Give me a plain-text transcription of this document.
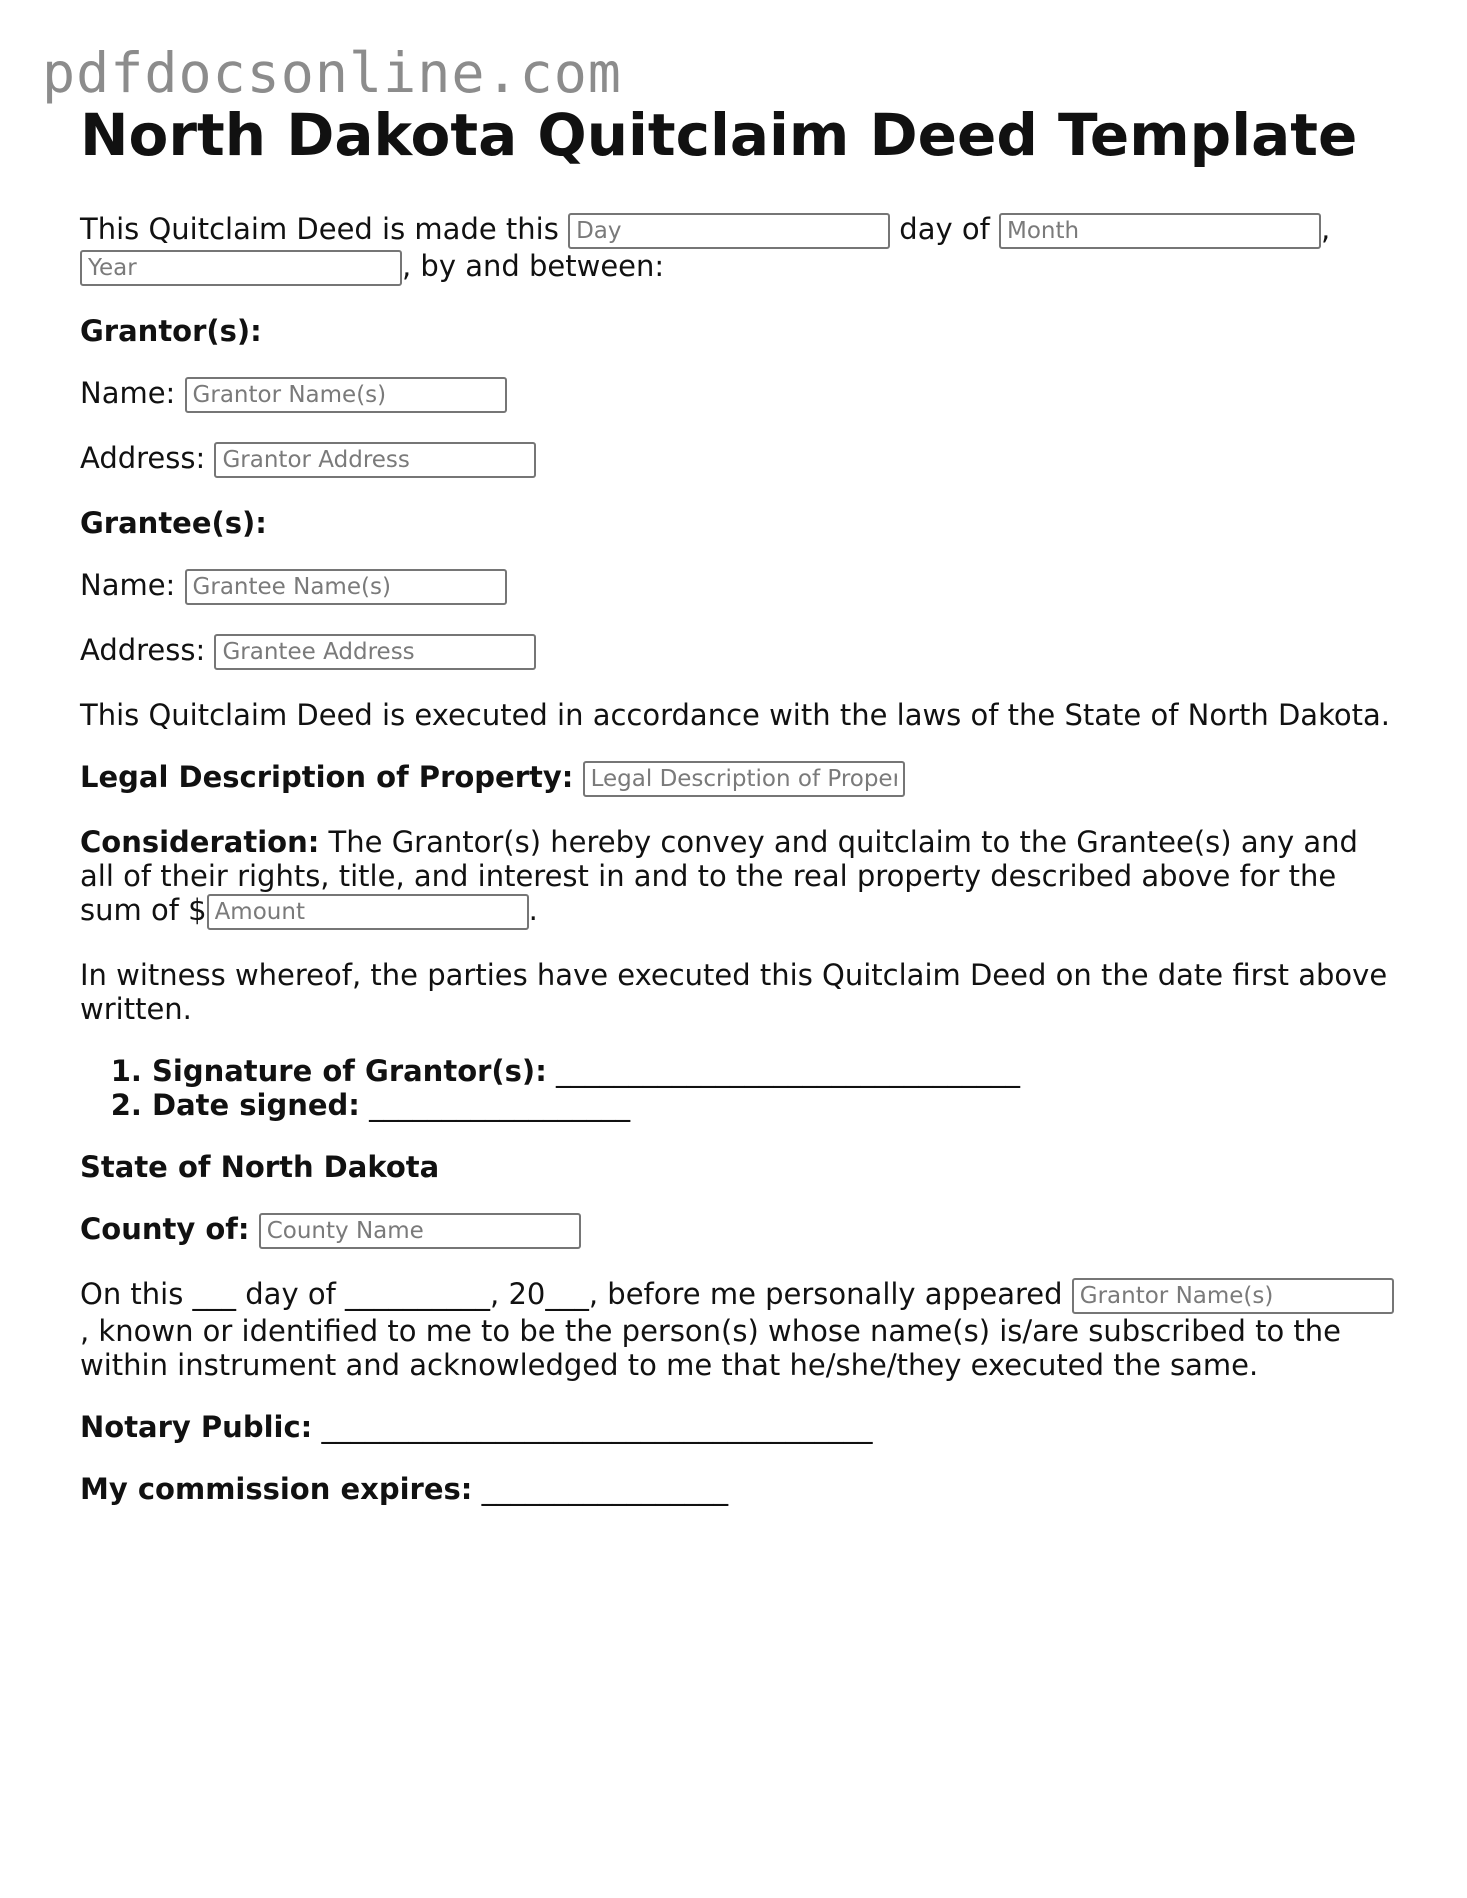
pdfdocsonline.com
North Dakota Quitclaim Deed Template

This Quitclaim Deed is made this Day	day of Month	, Year, by and between:

Grantor(s):

Name: Grantor Name(s)

Address: Grantor Address

Grantee(s):

Name: Grantee Name(s)

Address: Grantee Address

This Quitclaim Deed is executed in accordance with the laws of the State of North Dakota.

Legal Description of Property: Legal Description of Property

Consideration: The Grantor(s) hereby convey and quitclaim to the Grantee(s) any and all of their rights, title, and interest in and to the real property described above for the sum of $Amount	.

In witness whereof, the parties have executed this Quitclaim Deed on the date first above written.

1. Signature of Grantor(s): ________________________________
2. Date signed: __________________

State of North Dakota

County of: County Name

On this ___ day of __________, 20___, before me personally appeared Grantor Name(s), known or identified to me to be the person(s) whose name(s) is/are subscribed to the within instrument and acknowledged to me that he/she/they executed the same.

Notary Public: ______________________________________

My commission expires: _________________
